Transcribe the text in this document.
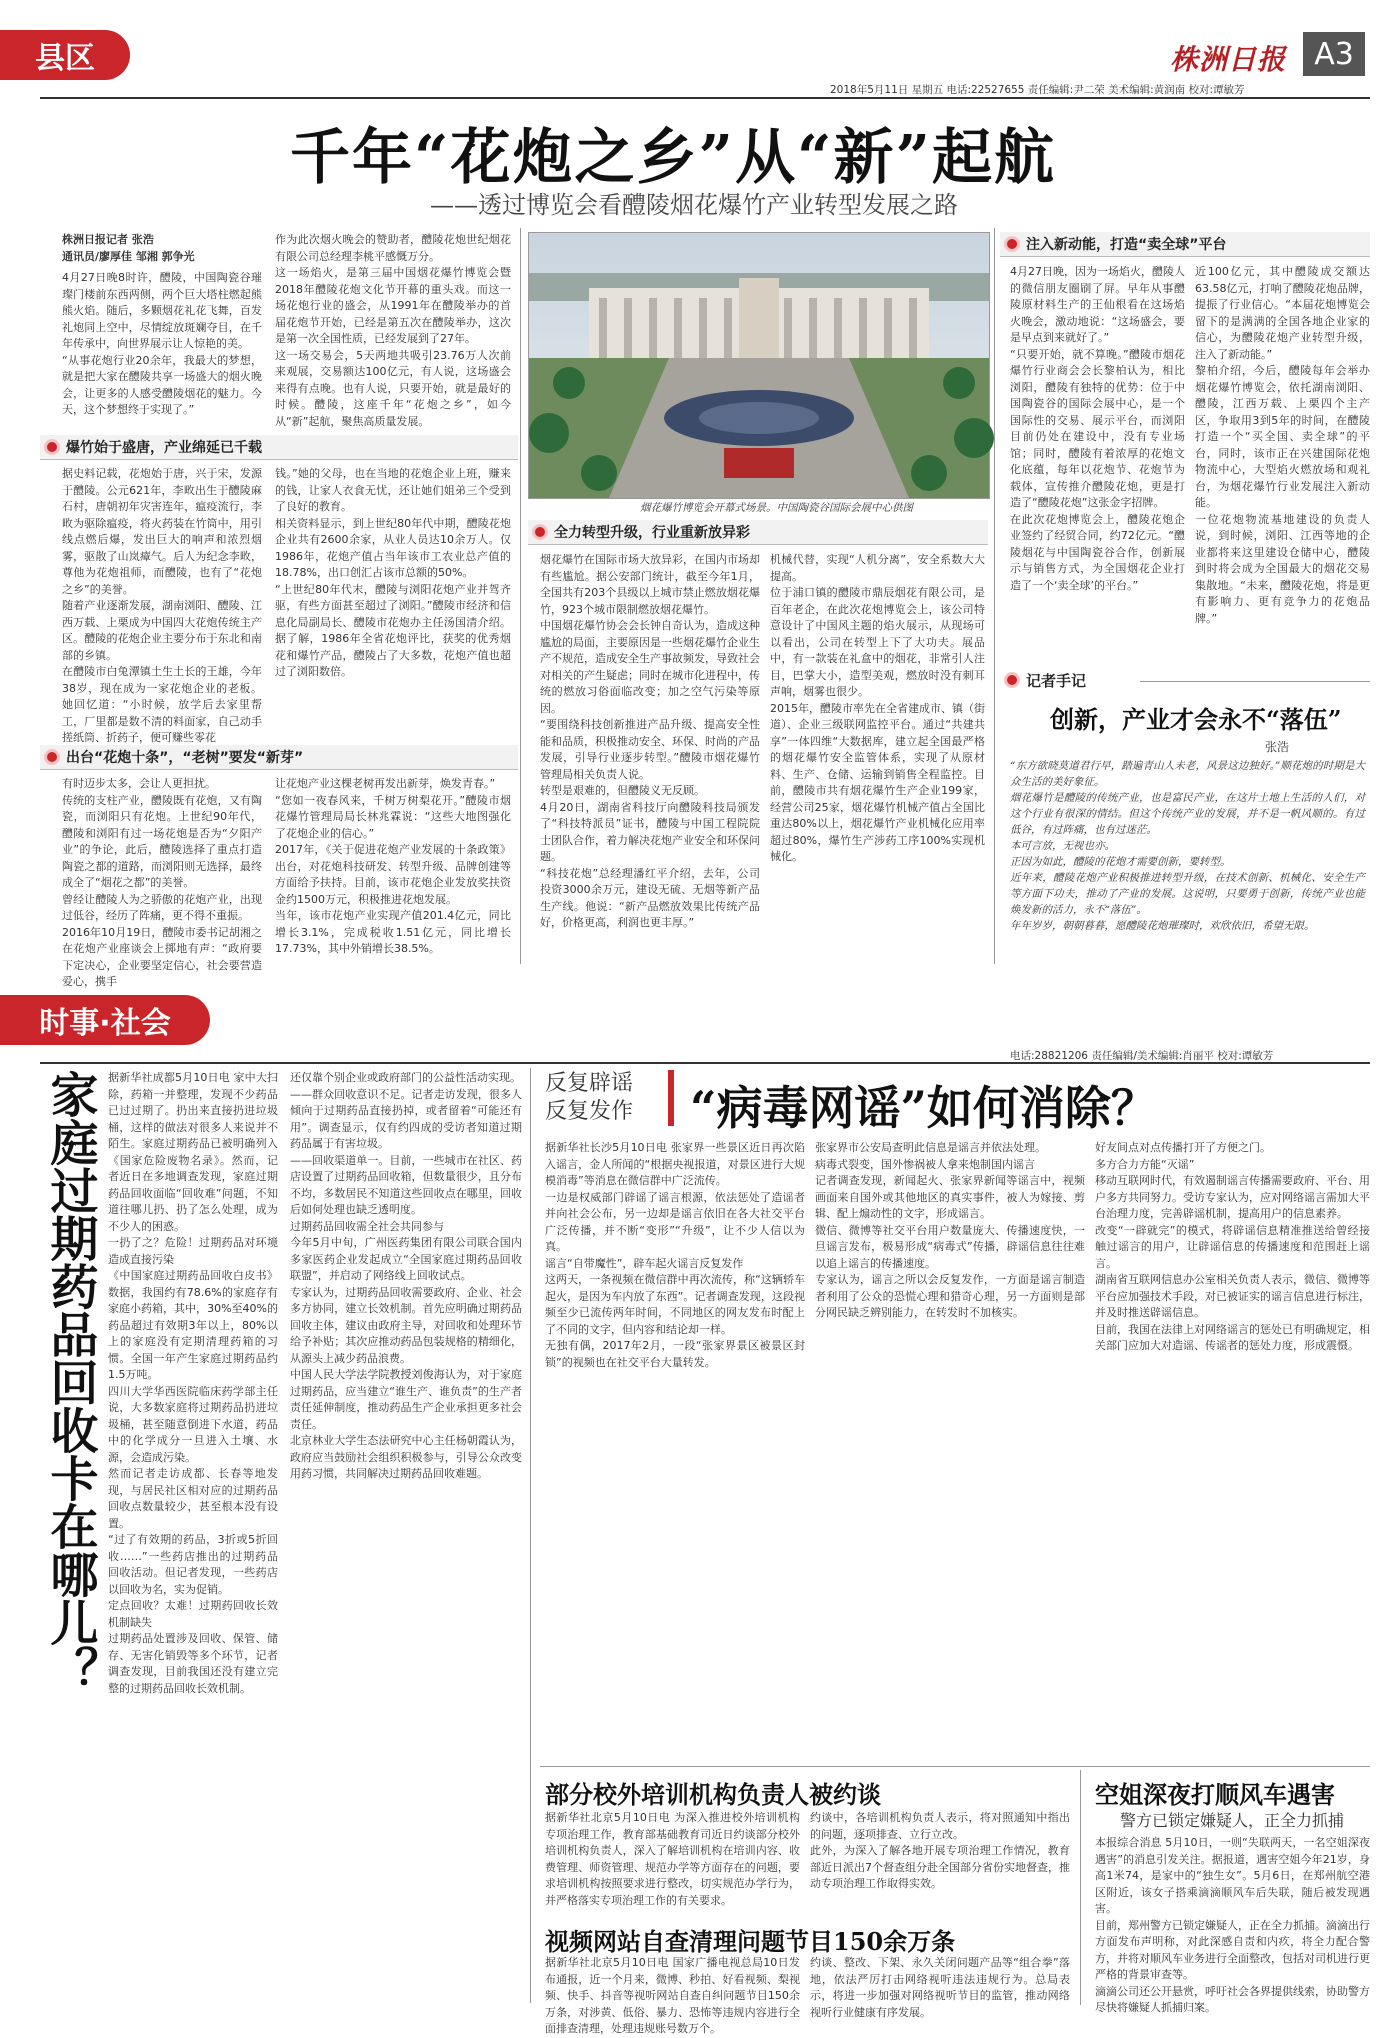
县区	株洲日报 A3
2018年5月11日 星期五 电话:22527655 责任编辑:尹二荣 美术编辑:黄润南 校对:谭敏芳
千年“花炮之乡”从“新”起航
——透过博览会看醴陵烟花爆竹产业转型发展之路
株洲日报记者 张浩
通讯员/廖厚佳 邹湘 郭争光
4月27日晚8时许，醴陵，中国陶瓷谷璀璨门楼前东西两侧，两个巨大塔柱燃起熊熊火焰。随后，多颗烟花礼花飞舞，百发礼炮同上空中，尽情绽放斑斓夺目，在千年传承中，向世界展示让人惊艳的美。
“从事花炮行业20余年，我最大的梦想，就是把大家在醴陵共享一场盛大的烟火晚会，让更多的人感受醴陵烟花的魅力。今天，这个梦想终于实现了。”
作为此次烟火晚会的赞助者，醴陵花炮世纪烟花有限公司总经理李桃平感慨万分。
这一场焰火，是第三届中国烟花爆竹博览会暨2018年醴陵花炮文化节开幕的重头戏。而这一场花炮行业的盛会，从1991年在醴陵举办的首届花炮节开始，已经是第五次在醴陵举办，这次是第一次全国性质，已经发展到了27年。
这一场交易会，5天两地共吸引23.76万人次前来观展，交易额达100亿元，有人说，这场盛会来得有点晚。也有人说，只要开始，就是最好的时候。醴陵，这座千年“花炮之乡”，如今从“新”起航，聚焦高质量发展。
烟花爆竹博览会开幕式场景。中国陶瓷谷国际会展中心供图
爆竹始于盛唐，产业绵延已千载
据史料记载，花炮始于唐，兴于宋，发源于醴陵。公元621年，李畋出生于醴陵麻石村，唐朝初年灾害连年，瘟疫流行，李畋为驱除瘟疫，将火药装在竹筒中，用引线点燃后爆，发出巨大的响声和浓烈烟雾，驱散了山岚瘴气。后人为纪念李畋，尊他为花炮祖师，而醴陵，也有了“花炮之乡”的美誉。
随着产业逐渐发展，湖南浏阳、醴陵、江西万载、上栗成为中国四大花炮传统主产区。醴陵的花炮企业主要分布于东北和南部的乡镇。
在醴陵市白兔潭镇土生土长的王雄，今年38岁，现在成为一家花炮企业的老板。她回忆道：“小时候，放学后去家里帮工，厂里都是数不清的料面家，自己动手搓纸筒、折药子，便可赚些零花
钱。”她的父母，也在当地的花炮企业上班，赚来的钱，让家人衣食无忧，还让她们姐弟三个受到了良好的教育。
相关资料显示，到上世纪80年代中期，醴陵花炮企业共有2600余家，从业人员达10余万人。仅1986年，花炮产值占当年该市工农业总产值的18.78%，出口创汇占该市总额的50%。
“上世纪80年代末，醴陵与浏阳花炮产业并驾齐驱，有些方面甚至超过了浏阳。”醴陵市经济和信息化局副局长、醴陵市花炮办主任汤国清介绍。据了解，1986年全省花炮评比，获奖的优秀烟花和爆竹产品，醴陵占了大多数，花炮产值也超过了浏阳数倍。
出台“花炮十条”，“老树”要发“新芽”
有时迈步太多，会让人更担扰。
传统的支柱产业，醴陵既有花炮，又有陶瓷，而浏阳只有花炮。上世纪90年代，醴陵和浏阳有过一场花炮是否为“夕阳产业”的争论，此后，醴陵选择了重点打造陶瓷之都的道路，而浏阳则无选择，最终成全了“烟花之都”的美誉。
曾经让醴陵人为之骄傲的花炮产业，出现过低谷，经历了阵痛，更不得不重振。
2016年10月19日，醴陵市委书记胡湘之在花炮产业座谈会上掷地有声：“政府要下定决心，企业要坚定信心，社会要营造爱心，携手
让花炮产业这棵老树再发出新芽，焕发青春。”
“您如一夜春风来，千树万树梨花开。”醴陵市烟花爆竹管理局局长林兆霖说：“这些大地图强化了花炮企业的信心。”
2017年，《关于促进花炮产业发展的十条政策》出台，对花炮科技研发、转型升级、品牌创建等方面给予扶持。目前，该市花炮企业发放奖扶资金约1500万元，积极推进花炮发展。
当年，该市花炮产业实现产值201.4亿元，同比增长3.1%，完成税收1.51亿元，同比增长17.73%，其中外销增长38.5%。
全力转型升级，行业重新放异彩
烟花爆竹在国际市场大放异彩，在国内市场却有些尴尬。据公安部门统计，截至今年1月，全国共有203个县级以上城市禁止燃放烟花爆竹，923个城市限制燃放烟花爆竹。
中国烟花爆竹协会会长钟自奇认为，造成这种尴尬的局面，主要原因是一些烟花爆竹企业生产不规范，造成安全生产事故频发，导致社会对相关的产生疑虑；同时在城市化进程中，传统的燃放习俗面临改变；加之空气污染等原因。
“要围绕科技创新推进产品升级、提高安全性能和品质，积极推动安全、环保、时尚的产品发展，引导行业逐步转型。”醴陵市烟花爆竹管理局相关负责人说。
转型是艰难的，但醴陵义无反顾。
4月20日，湖南省科技厅向醴陵科技局颁发了“科技特派员”证书，醴陵与中国工程院院士团队合作，着力解决花炮产业安全和环保问题。
“科技花炮”总经理潘红平介绍，去年，公司投资3000余万元，建设无硫、无烟等新产品生产线。他说：“新产品燃放效果比传统产品好，价格更高，利润也更丰厚。”
机械代替，实现“人机分离”，安全系数大大提高。
位于浦口镇的醴陵市鼎辰烟花有限公司，是百年老企，在此次花炮博览会上，该公司特意设计了中国风主题的焰火展示，从现场可以看出，公司在转型上下了大功夫。展品中，有一款装在礼盒中的烟花，非常引人注目，巴掌大小，造型美观，燃放时没有刺耳声响，烟雾也很少。
2015年，醴陵市率先在全省建成市、镇（街道）、企业三级联网监控平台。通过“共建共享”一体四维“大数据库，建立起全国最严格的烟花爆竹安全监管体系，实现了从原材料、生产、仓储、运输到销售全程监控。目前，醴陵市共有烟花爆竹生产企业199家，经营公司25家，烟花爆竹机械产值占全国比重达80%以上，烟花爆竹产业机械化应用率超过80%，爆竹生产涉药工序100%实现机械化。
注入新动能，打造“卖全球”平台
4月27日晚，因为一场焰火，醴陵人的微信朋友圈刷了屏。早年从事醴陵原材料生产的王仙根看在这场焰火晚会，激动地说：“这场盛会，要是早点到来就好了。”
“只要开始，就不算晚。”醴陵市烟花爆竹行业商会会长黎柏认为，相比浏阳，醴陵有独特的优势：位于中国陶瓷谷的国际会展中心，是一个国际性的交易、展示平台，而浏阳目前仍处在建设中，没有专业场馆；同时，醴陵有着浓厚的花炮文化底蕴，每年以花炮节、花炮节为载体，宣传推介醴陵花炮，更是打造了“醴陵花炮”这张金字招牌。
在此次花炮博览会上，醴陵花炮企业签约了经贸合同，约72亿元。“醴陵烟花与中国陶瓷谷合作，创新展示与销售方式，为全国烟花企业打造了一个‘卖全球’的平台。”
近100亿元，其中醴陵成交额达63.58亿元，打响了醴陵花炮品牌，提振了行业信心。“本届花炮博览会留下的是满满的全国各地企业家的信心，为醴陵花炮产业转型升级，注入了新动能。”
黎柏介绍，今后，醴陵每年会举办烟花爆竹博览会，依托湖南浏阳、醴陵，江西万载、上栗四个主产区，争取用3到5年的时间，在醴陵打造一个“买全国、卖全球”的平台，同时，该市正在兴建国际花炮物流中心，大型焰火燃放场和观礼台，为烟花爆竹行业发展注入新动能。
一位花炮物流基地建设的负责人说，到时候，浏阳、江西等地的企业都将来这里建设仓储中心，醴陵到时将会成为全国最大的烟花交易集散地。“未来，醴陵花炮，将是更有影响力、更有竞争力的花炮品牌。”
记者手记
创新，产业才会永不“落伍”
张浩
“东方欲晓莫道君行早，踏遍青山人未老，风景这边独好。”顺花炮的时期是大众生活的美好象征。
烟花爆竹是醴陵的传统产业，也是富民产业，在这片土地上生活的人们，对这个行业有很深的情结。但这个传统产业的发展，并不是一帆风顺的。有过低谷，有过阵痛，也有过迷茫。
本可言放，无视也亦。
正因为如此，醴陵的花炮才需要创新，要转型。
近年来，醴陵花炮产业积极推进转型升级，在技术创新、机械化、安全生产等方面下功夫，推动了产业的发展。这说明，只要勇于创新，传统产业也能焕发新的活力，永不“落伍”。
年年岁岁，朝朝暮暮，愿醴陵花炮璀璨时，欢欣依旧，希望无限。
时事·社会
电话:28821206 责任编辑/美术编辑:肖丽平 校对:谭敏芳
家庭过期药品回收卡在哪儿？ 据新华社成都5月10日电 家中大扫除，药箱一并整理，发现不少药品已过过期了。扔出来直接扔进垃圾桶，这样的做法对很多人来说并不陌生。家庭过期药品已被明确列入《国家危险废物名录》。然而，记者近日在多地调查发现，家庭过期药品回收面临“回收难”问题，不知道往哪儿扔、扔了怎么处理，成为不少人的困惑。
一扔了之？危险！过期药品对环境造成直接污染
《中国家庭过期药品回收白皮书》数据，我国约有78.6%的家庭存有家庭小药箱，其中，30%至40%的药品超过有效期3年以上，80%以上的家庭没有定期清理药箱的习惯。全国一年产生家庭过期药品约1.5万吨。
四川大学华西医院临床药学部主任说，大多数家庭将过期药品扔进垃圾桶，甚至随意倒进下水道，药品中的化学成分一旦进入土壤、水源，会造成污染。
然而记者走访成都、长春等地发现，与居民社区相对应的过期药品回收点数量较少，甚至根本没有设置。
“过了有效期的药品，3折或5折回收……”一些药店推出的过期药品回收活动。但记者发现，一些药店以回收为名，实为促销。
定点回收？太难！过期药回收长效机制缺失
过期药品处置涉及回收、保管、储存、无害化销毁等多个环节，记者调查发现，目前我国还没有建立完整的过期药品回收长效机制。
还仅靠个别企业或政府部门的公益性活动实现。
——群众回收意识不足。记者走访发现，很多人倾向于过期药品直接扔掉，或者留着“可能还有用”。调查显示，仅有约四成的受访者知道过期药品属于有害垃圾。
——回收渠道单一。目前，一些城市在社区、药店设置了过期药品回收箱，但数量很少，且分布不均，多数居民不知道这些回收点在哪里，回收后如何处理也缺乏透明度。
过期药品回收需全社会共同参与
今年5月中旬，广州医药集团有限公司联合国内多家医药企业发起成立“全国家庭过期药品回收联盟”，并启动了网络线上回收试点。
专家认为，过期药品回收需要政府、企业、社会多方协同，建立长效机制。首先应明确过期药品回收主体，建议由政府主导，对回收和处理环节给予补贴；其次应推动药品包装规格的精细化，从源头上减少药品浪费。
中国人民大学法学院教授刘俊海认为，对于家庭过期药品，应当建立“谁生产、谁负责”的生产者责任延伸制度，推动药品生产企业承担更多社会责任。
北京林业大学生态法研究中心主任杨朝霞认为，政府应当鼓励社会组织积极参与，引导公众改变用药习惯，共同解决过期药品回收难题。
反复辟谣
反复发作 “病毒网谣”如何消除？
据新华社长沙5月10日电 张家界一些景区近日再次陷入谣言，金人所闻的“根据央视报道，对景区进行大规模消毒”等消息在微信群中广泛流传。
一边是权威部门辟谣了谣言根源，依法惩处了造谣者并向社会公布，另一边却是谣言依旧在各大社交平台广泛传播，并不断“变形”“升级”，让不少人信以为真。
谣言“自带魔性”，辟车起火谣言反复发作
这两天，一条视频在微信群中再次流传，称“这辆轿车起火，是因为车内放了东西”。记者调查发现，这段视频至少已流传两年时间，不同地区的网友发布时配上了不同的文字，但内容和结论却一样。
无独有偶，2017年2月，一段“张家界景区被景区封锁”的视频也在社交平台大量转发。
张家界市公安局查明此信息是谣言并依法处理。
病毒式裂变，国外惨祸被人拿来炮制国内谣言
记者调查发现，新闻起火、张家界新闻等谣言中，视频画面来自国外或其他地区的真实事件，被人为嫁接、剪辑、配上煽动性的文字，形成谣言。
微信、微博等社交平台用户数量庞大、传播速度快，一旦谣言发布，极易形成“病毒式”传播，辟谣信息往往难以追上谣言的传播速度。
专家认为，谣言之所以会反复发作，一方面是谣言制造者利用了公众的恐慌心理和猎奇心理，另一方面则是部分网民缺乏辨别能力，在转发时不加核实。
好友间点对点传播打开了方便之门。
多方合力方能“灭谣”
移动互联网时代，有效遏制谣言传播需要政府、平台、用户多方共同努力。受访专家认为，应对网络谣言需加大平台治理力度，完善辟谣机制，提高用户的信息素养。
改变“一辟就完”的模式，将辟谣信息精准推送给曾经接触过谣言的用户，让辟谣信息的传播速度和范围赶上谣言。
湖南省互联网信息办公室相关负责人表示，微信、微博等平台应加强技术手段，对已被证实的谣言信息进行标注，并及时推送辟谣信息。
目前，我国在法律上对网络谣言的惩处已有明确规定，相关部门应加大对造谣、传谣者的惩处力度，形成震慑。
部分校外培训机构负责人被约谈
据新华社北京5月10日电 为深入推进校外培训机构专项治理工作，教育部基础教育司近日约谈部分校外培训机构负责人，深入了解培训机构在培训内容、收费管理、师资管理、规范办学等方面存在的问题，要求培训机构按照要求进行整改，切实规范办学行为，并严格落实专项治理工作的有关要求。
约谈中，各培训机构负责人表示，将对照通知中指出的问题，逐项排查、立行立改。
此外，为深入了解各地开展专项治理工作情况，教育部近日派出7个督查组分赴全国部分省份实地督查，推动专项治理工作取得实效。
视频网站自查清理问题节目150余万条
据新华社北京5月10日电 国家广播电视总局10日发布通报，近一个月来，微博、秒拍、好看视频、梨视频、快手、抖音等视听网站自查自纠问题节目150余万条，对涉黄、低俗、暴力、恐怖等违规内容进行全面排查清理，处理违规账号数万个。
约谈、整改、下架、永久关闭问题产品等“组合拳”落地，依法严厉打击网络视听违法违规行为。总局表示，将进一步加强对网络视听节目的监管，推动网络视听行业健康有序发展。
空姐深夜打顺风车遇害
警方已锁定嫌疑人，正全力抓捕
本报综合消息 5月10日，一则“失联两天，一名空姐深夜遇害”的消息引发关注。据报道，遇害空姐今年21岁，身高1米74，是家中的“独生女”。5月6日，在郑州航空港区附近，该女子搭乘滴滴顺风车后失联，随后被发现遇害。
目前，郑州警方已锁定嫌疑人，正在全力抓捕。滴滴出行方面发布声明称，对此深感自责和内疚，将全力配合警方，并将对顺风车业务进行全面整改，包括对司机进行更严格的背景审查等。
滴滴公司还公开悬赏，呼吁社会各界提供线索，协助警方尽快将嫌疑人抓捕归案。
